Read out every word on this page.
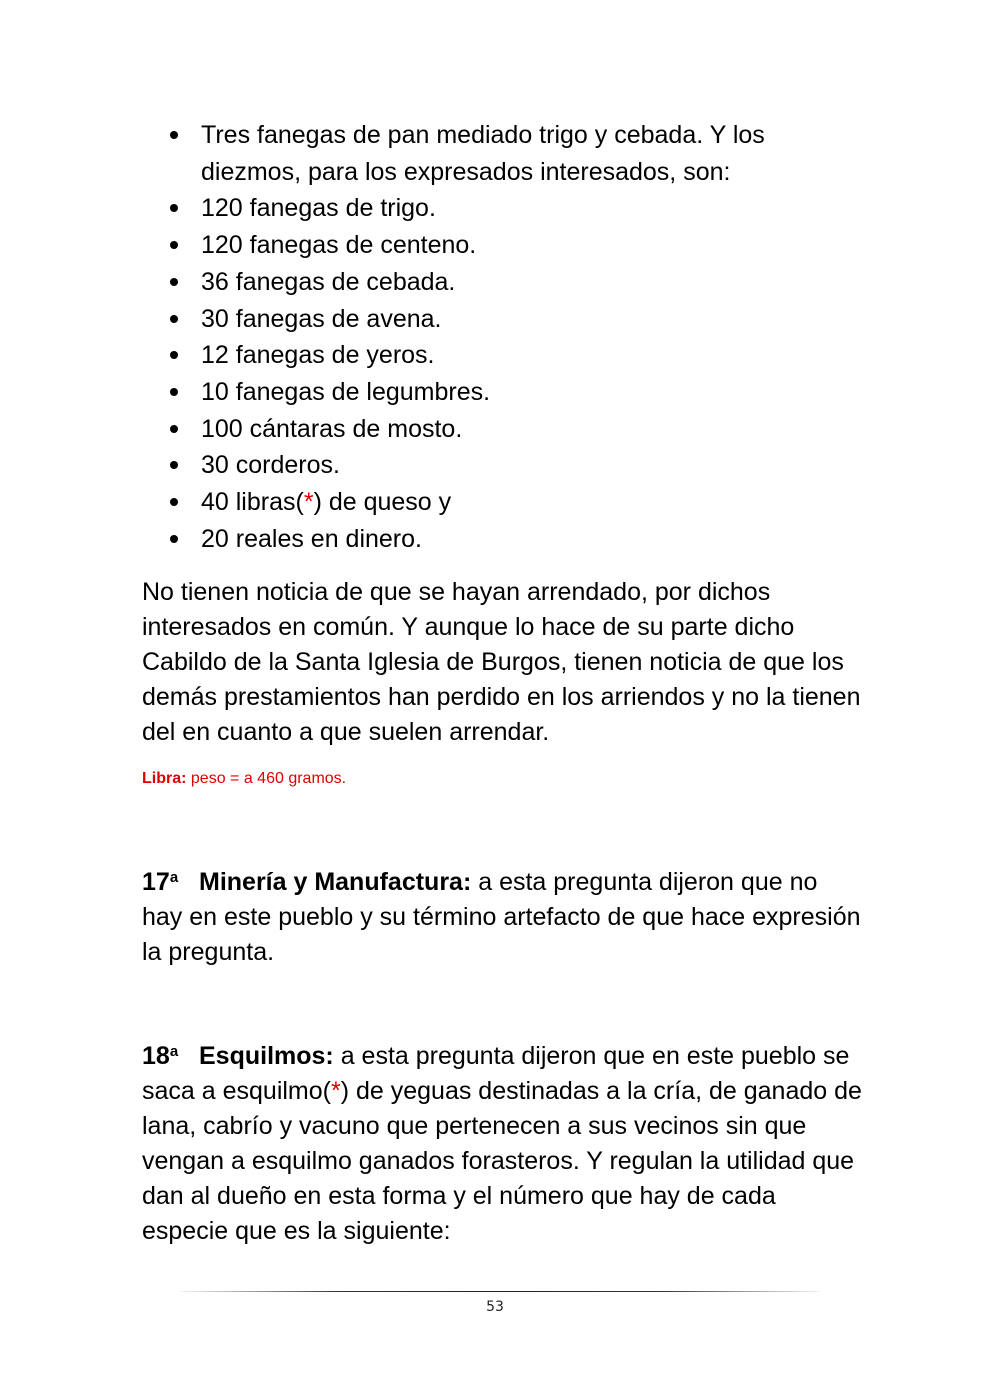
Tres fanegas de pan mediado trigo y cebada. Y los diezmos, para los expresados interesados, son:
120 fanegas de trigo.
120 fanegas de centeno.
36 fanegas de cebada.
30 fanegas de avena.
12 fanegas de yeros.
10 fanegas de legumbres.
100 cántaras de mosto.
30 corderos.
40 libras(*) de queso y
20 reales en dinero.

No tienen noticia de que se hayan arrendado, por dichos interesados en común. Y aunque lo hace de su parte dicho Cabildo de la Santa Iglesia de Burgos, tienen noticia de que los demás prestamientos han perdido en los arriendos y no la tienen del en cuanto a que suelen arrendar.

Libra: peso = a 460 gramos.

17$^a$ Minería y Manufactura: a esta pregunta dijeron que no hay en este pueblo y su término artefacto de que hace expresión la pregunta.

18$^a$ Esquilmos: a esta pregunta dijeron que en este pueblo se saca a esquilmo(*) de yeguas destinadas a la cría, de ganado de lana, cabrío y vacuno que pertenecen a sus vecinos sin que vengan a esquilmo ganados forasteros. Y regulan la utilidad que dan al dueño en esta forma y el número que hay de cada especie que es la siguiente:

53
